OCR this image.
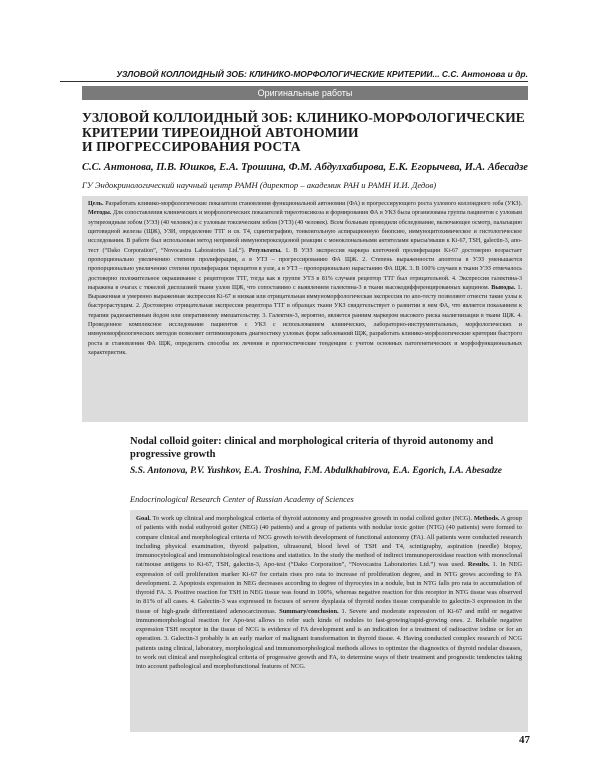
УЗЛОВОЙ КОЛЛОИДНЫЙ ЗОБ: КЛИНИКО-МОРФОЛОГИЧЕСКИЕ КРИТЕРИИ... С.С. Антонова и др.
Оригинальные работы
УЗЛОВОЙ КОЛЛОИДНЫЙ ЗОБ: КЛИНИКО-МОРФОЛОГИЧЕСКИЕ
КРИТЕРИИ ТИРЕОИДНОЙ АВТОНОМИИ
И ПРОГРЕССИРОВАНИЯ РОСТА
С.С. Антонова, П.В. Юшков, Е.А. Трошина, Ф.М. Абдулхабирова, Е.К. Егорычева, И.А. Абесадзе
ГУ Эндокринологический научный центр РАМН (директор – академик РАН и РАМН И.И. Дедов)
Цель. Разработать клинико-морфологические показатели становления функциональной автономии (ФА) и прогрессирующего роста узлового коллоидного зоба (УКЗ). Методы. Для сопоставления клинических и морфологических показателей тиреотоксикоза и формирования ФА в УКЗ была организована группа пациентов с узловым эутиреоидным зобом (УЭЗ) (40 человек) и с узловым токсическим зобом (УТЗ) (40 человек). Всем больным проводили обследование, включающее осмотр, пальпацию щитовидной железы (ЩЖ), УЗИ, определение ТТГ и св. Т4, сцинтиграфию, тонкоигольную аспирационную биопсию, иммуноцитохимическое и гистологическое исследования. В работе был использован метод непрямой иммунопероксидазной реакции с моноклональными антителами крысы/мыши к Ki-67, TSH, galectin-3, апо-тест (“Dako Corporation”, “Novocastra Laboratories Ltd.”). Результаты. 1. В УЭЗ экспрессия маркера клеточной пролиферации Ki-67 достоверно возрастает пропорционально увеличению степени пролиферации, а в УТЗ – прогрессированию ФА ЩЖ. 2. Степень выраженности апоптоза в УЭЗ уменьшается пропорционально увеличению степени пролиферации тироцитов в узле, а в УТЗ – пропорционально нарастанию ФА ЩЖ. 3. В 100% случаев в ткани УЭЗ отмечалось достоверно положительное окрашивание с рецептором ТТГ, тогда как в группе УТЗ в 81% случаев рецептор ТТГ был отрицательной. 4. Экспрессия галектина-3 выражена в очагах с тяжелой дисплазией ткани узлов ЩЖ, что сопоставимо с выявлением галектина-3 в ткани высокодифференцированных карцином. Выводы. 1. Выраженная и умеренно выраженная экспрессия Ki-67 и низкая или отрицательная иммуноморфологическая экспрессия по апо-тесту позволяют отнести такие узлы к быстрорастущим. 2. Достоверно отрицательная экспрессия рецептора ТТГ в образцах ткани УКЗ свидетельствует о развитии в нем ФА, что является показанием к терапии радиоактивным йодом или оперативному вмешательству. 3. Галектин-3, вероятно, является ранним маркером высокого риска малигнизации в ткани ЩЖ. 4. Проведенное комплексное исследование пациентов с УКЗ с использованием клинических, лабораторно-инструментальных, морфологических и иммуноморфологических методов позволяет оптимизировать диагностику узловых форм заболеваний ЩЖ, разработать клинико-морфологические критерии быстрого роста и становления ФА ЩЖ, определить способы их лечения и прогностические тенденции с учетом основных патогенетических и морфофункциональных характеристик.
Nodal colloid goiter: clinical and morphological criteria of thyroid autonomy and progressive growth
S.S. Antonova, P.V. Yushkov, E.A. Troshina, F.M. Abdulkhabirova, E.A. Egorich, I.A. Abesadze
Endocrinological Research Center of Russian Academy of Sciences
Goal. To work up clinical and morphological criteria of thyroid autonomy and progressive growth in nodal colloid goiter (NCG). Methods. A group of patients with nodal euthyroid goiter (NEG) (40 patients) and a group of patients with nodular toxic goiter (NTG) (40 patients) were formed to compare clinical and morphological criteria of NCG growth to/with development of functional autonomy (FA). All patients were conducted research including physical examination, thyroid palpation, ultrasound, blood level of TSH and T4, scintigraphy, aspiration (needle) biopsy, immunocytological and immunohistological reactions and statistics. In the study the method of indirect immunoperoxidase reaction with monoclonal rat/mouse antigens to Ki-67, TSH, galectin-3, Apo-test (“Dako Corporation”, “Novocastra Laboratories Ltd.”) was used. Results. 1. In NEG expression of cell proliferation marker Ki-67 for certain rises pro rata to increase of proliferation degree, and in NTG grows according to FA development. 2. Apoptosis expression in NEG decreases according to degree of thyrocytes in a nodule, but in NTG falls pro rata to accumulation of thyroid FA. 3. Positive reaction for TSH in NEG tissue was found in 100%, whereas negative reaction for this receptor in NTG tissue was observed in 81% of all cases. 4. Galectin-3 was expressed in focuses of severe dysplasia of thyroid nodes tissue comparable to galectin-3 expression in the tissue of high-grade differentiated adenocarcinomas. Summary/conclusion. 1. Severe and moderate expression of Ki-67 and mild or negative immunomorphological reaction for Apo-test allows to refer such kinds of nodules to fast-growing/rapid-growing ones. 2. Reliable negative expression TSH receptor in the tissue of NCG is evidence of FA development and is an indication for a treatment of radioactive iodine or for an operation. 3. Galectin-3 probably is an early marker of malignant transformation in thyroid tissue. 4. Having conducted complex research of NCG patients using clinical, laboratory, morphological and immunomorphological methods allows to optimize the diagnostics of thyroid nodular diseases, to work out clinical and morphological criteria of progressive growth and FA, to determine ways of their treatment and prognostic tendencies taking into account pathological and morphofunctional features of NCG.
47
